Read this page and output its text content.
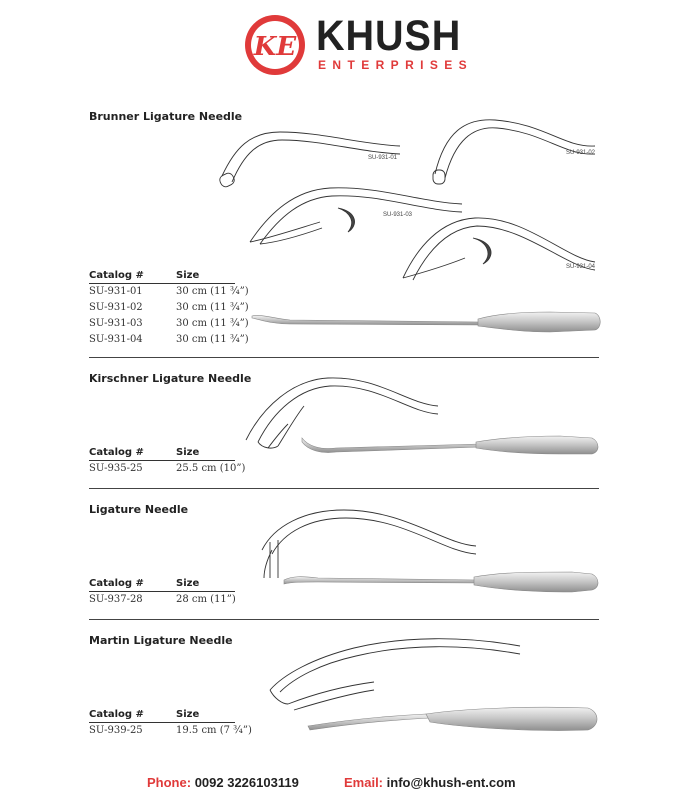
KE KHUSH
ENTERPRISES
Brunner Ligature Needle
SU-931-01
SU-931-02
SU-931-03
SU-931-04
Catalog #	Size
SU-931-01	30 cm (11 ¾”)
SU-931-02	30 cm (11 ¾”)
SU-931-03	30 cm (11 ¾”)
SU-931-04	30 cm (11 ¾”)
Kirschner Ligature Needle
Catalog #	Size
SU-935-25	25.5 cm (10”)
Ligature Needle
Catalog #	Size
SU-937-28	28 cm (11”)
Martin Ligature Needle
Catalog #	Size
SU-939-25	19.5 cm (7 ¾”)
Phone: 0092 3226103119	Email: info@khush-ent.com
